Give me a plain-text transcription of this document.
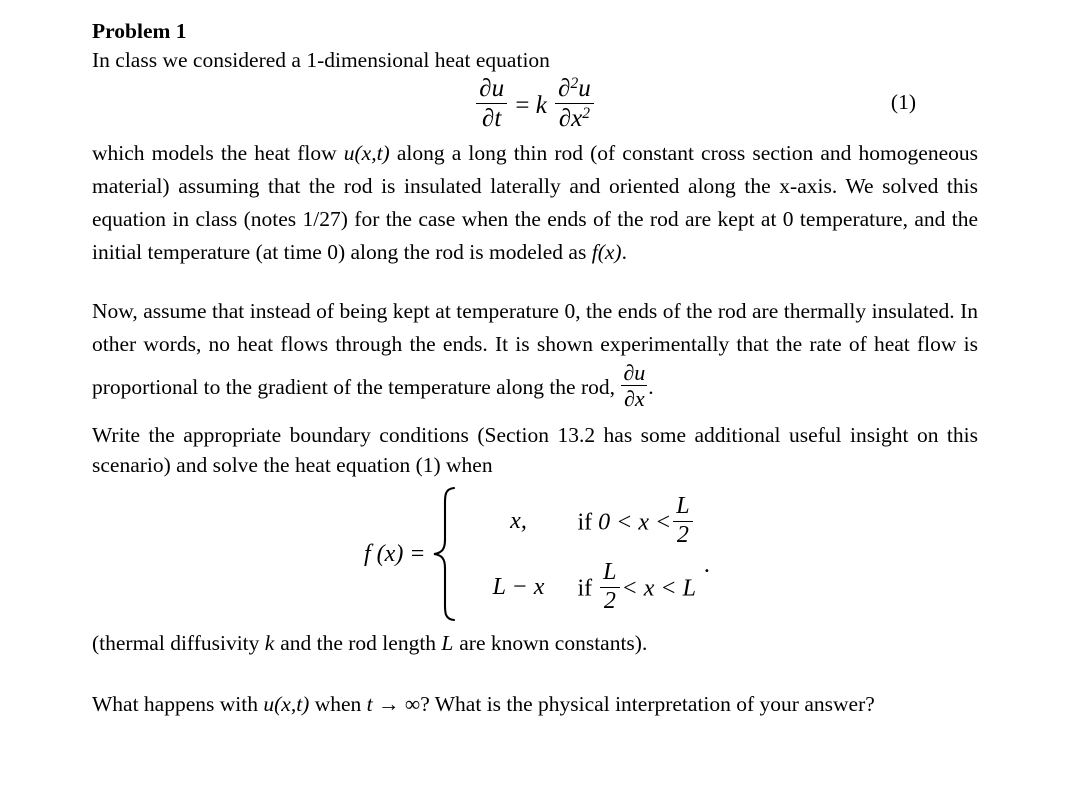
Problem 1
In class we considered a 1-dimensional heat equation
$\frac{\partial u}{\partial t} = k \frac{\partial^2u}{\partial x^2}$	(1)
which models the heat flow u(x,t) along a long thin rod (of constant cross section and homogeneous material) assuming that the rod is insulated laterally and oriented along the x-axis. We solved this equation in class (notes 1/27) for the case when the ends of the rod are kept at 0 temperature, and the initial temperature (at time 0) along the rod is modeled as f(x).
Now, assume that instead of being kept at temperature 0, the ends of the rod are thermally insulated. In other words, no heat flows through the ends. It is shown experimentally that the rate of heat flow is proportional to the gradient of the temperature along the rod, $\frac{\partial u}{\partial x}$ .
Write the appropriate boundary conditions (Section 13.2 has some additional useful insight on this scenario) and solve the heat equation (1) when
f (x) =
x,	if $0 < x < \frac{L}{2}$
L − x	if $\frac{L}{2} < x < L$
.
(thermal diffusivity k and the rod length L are known constants).
What happens with u(x,t) when t → ∞? What is the physical interpretation of your answer?
